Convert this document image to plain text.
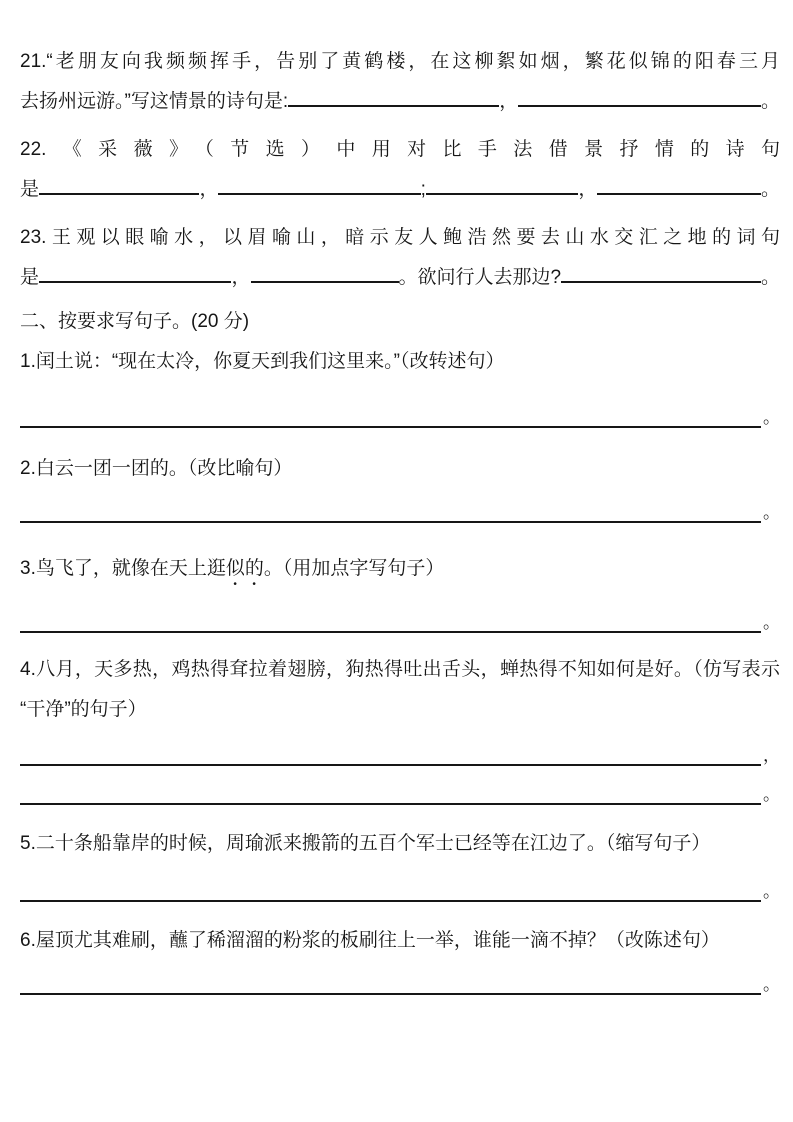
21.“老朋友向我频频挥手，告别了黄鹤楼，在这柳絮如烟，繁花似锦的阳春三月

去扬州远游。”写这情景的诗句是:	，	。

22.《采薇》（节选）中用对比手法借景抒情的诗句

是	，	;	，	。

23.王观以眼喻水，以眉喻山，暗示友人鲍浩然要去山水交汇之地的词句

是	，	。欲问行人去那边?	。

二、按要求写句子。(20 分)

1.闰土说：“现在太冷，你夏天到我们这里来。”（改转述句）

。

2.白云一团一团的。（改比喻句）

。

3.鸟飞了，就像在天上逛似的。（用加点字写句子）

。

4.八月，天多热，鸡热得耷拉着翅膀，狗热得吐出舌头，蝉热得不知如何是好。（仿写表示“干净”的句子）

，
。

5.二十条船靠岸的时候，周瑜派来搬箭的五百个军士已经等在江边了。（缩写句子）

。

6.屋顶尤其难刷，蘸了稀溜溜的粉浆的板刷往上一举，谁能一滴不掉？（改陈述句）

。
